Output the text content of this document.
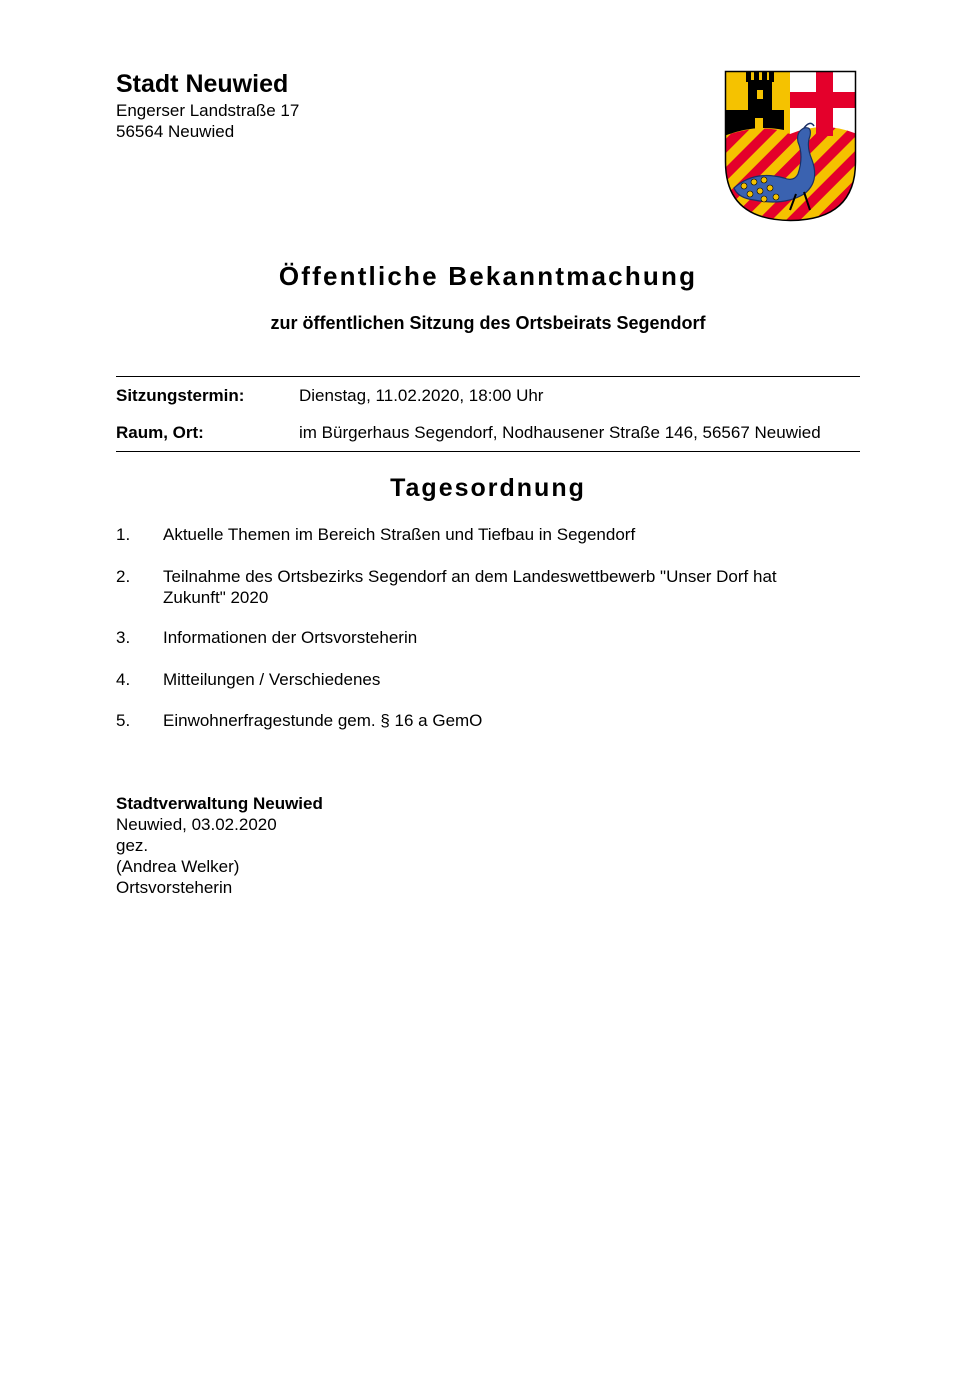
Stadt Neuwied
Engerser Landstraße 17
56564 Neuwied
Öffentliche Bekanntmachung
zur öffentlichen Sitzung des Ortsbeirats Segendorf
Sitzungstermin:	Dienstag, 11.02.2020, 18:00 Uhr
Raum, Ort:	im Bürgerhaus Segendorf, Nodhausener Straße 146, 56567 Neuwied
Tagesordnung
1. Aktuelle Themen im Bereich Straßen und Tiefbau in Segendorf
2. Teilnahme des Ortsbezirks Segendorf an dem Landeswettbewerb "Unser Dorf hat Zukunft" 2020
3. Informationen der Ortsvorsteherin
4. Mitteilungen / Verschiedenes
5. Einwohnerfragestunde gem. § 16 a GemO
Stadtverwaltung Neuwied
Neuwied, 03.02.2020
gez.
(Andrea Welker)
Ortsvorsteherin
